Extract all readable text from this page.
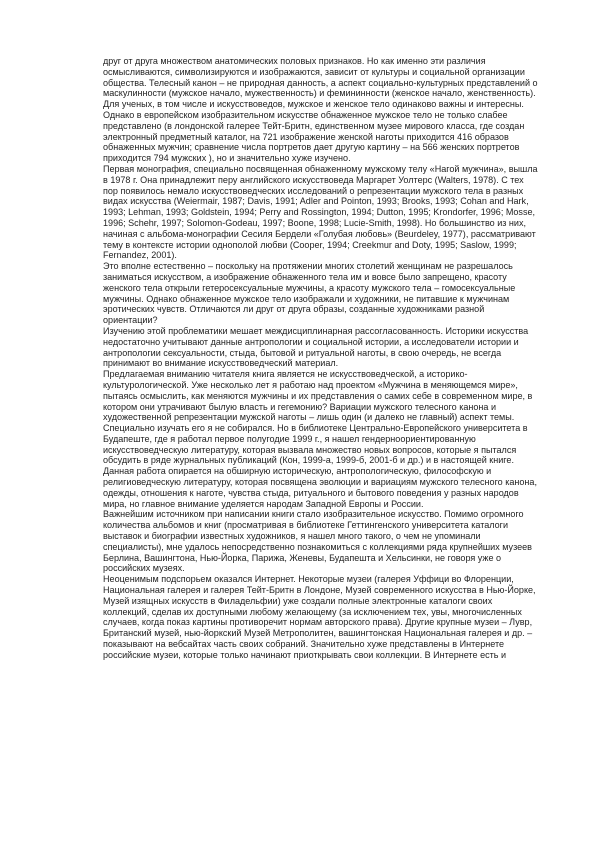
друг от друга множеством анатомических половых признаков. Но как именно эти различия осмысливаются, символизируются и изображаются, зависит от культуры и социальной организации общества. Телесный канон – не природная данность, а аспект социально-культурных представлений о маскулинности (мужское начало, мужественность) и фемининности (женское начало, женственность).

Для ученых, в том числе и искусствоведов, мужское и женское тело одинаково важны и интересны. Однако в европейском изобразительном искусстве обнаженное мужское тело не только слабее представлено (в лондонской галерее Тейт-Бритн, единственном музее мирового класса, где создан электронный предметный каталог, на 721 изображение женской наготы приходится 416 образов обнаженных мужчин; сравнение числа портретов дает другую картину – на 566 женских портретов приходится 794 мужских ), но и значительно хуже изучено.

Первая монография, специально посвященная обнаженному мужскому телу «Нагой мужчина», вышла в 1978 г. Она принадлежит перу английского искусствоведа Маргарет Уолтерс (Walters, 1978). С тех пор появилось немало искусствоведческих исследований о репрезентации мужского тела в разных видах искусства (Weiermair, 1987; Davis, 1991; Adler and Pointon, 1993; Brooks, 1993; Cohan and Hark, 1993; Lehman, 1993; Goldstein, 1994; Perry and Rossington, 1994; Dutton, 1995; Krondorfer, 1996; Mosse, 1996; Schehr, 1997; Solomon-Godeau, 1997; Boone, 1998; Lucie-Smith, 1998). Но большинство из них, начиная с альбома-монографии Сесиля Бердели «Голубая любовь» (Beurdeley, 1977), рассматривают тему в контексте истории однополой любви (Cooper, 1994; Creekmur and Doty, 1995; Saslow, 1999; Fernandez, 2001).

Это вполне естественно – поскольку на протяжении многих столетий женщинам не разрешалось заниматься искусством, а изображение обнаженного тела им и вовсе было запрещено, красоту женского тела открыли гетеросексуальные мужчины, а красоту мужского тела – гомосексуальные мужчины. Однако обнаженное мужское тело изображали и художники, не питавшие к мужчинам эротических чувств. Отличаются ли друг от друга образы, созданные художниками разной ориентации?

Изучению этой проблематики мешает междисциплинарная рассогласованность. Историки искусства недостаточно учитывают данные антропологии и социальной истории, а исследователи истории и антропологии сексуальности, стыда, бытовой и ритуальной наготы, в свою очередь, не всегда принимают во внимание искусствоведческий материал.

Предлагаемая вниманию читателя книга является не искусствоведческой, а историко-культурологической. Уже несколько лет я работаю над проектом «Мужчина в меняющемся мире», пытаясь осмыслить, как меняются мужчины и их представления о самих себе в современном мире, в котором они утрачивают былую власть и гегемонию? Вариации мужского телесного канона и художественной репрезентации мужской наготы – лишь один (и далеко не главный) аспект темы. Специально изучать его я не собирался. Но в библиотеке Центрально-Европейского университета в Будапеште, где я работал первое полугодие 1999 г., я нашел гендерноориентированную искусствоведческую литературу, которая вызвала множество новых вопросов, которые я пытался обсудить в ряде журнальных публикаций (Кон, 1999-а, 1999-б, 2001-б и др.) и в настоящей книге.

Данная работа опирается на обширную историческую, антропологическую, философскую и религиоведческую литературу, которая посвящена эволюции и вариациям мужского телесного канона, одежды, отношения к наготе, чувства стыда, ритуального и бытового поведения у разных народов мира, но главное внимание уделяется народам Западной Европы и России.

Важнейшим источником при написании книги стало изобразительное искусство. Помимо огромного количества альбомов и книг (просматривая в библиотеке Геттингенского университета каталоги выставок и биографии известных художников, я нашел много такого, о чем не упоминали специалисты), мне удалось непосредственно познакомиться с коллекциями ряда крупнейших музеев Берлина, Вашингтона, Нью-Йорка, Парижа, Женевы, Будапешта и Хельсинки, не говоря уже о российских музеях.

Неоценимым подспорьем оказался Интернет. Некоторые музеи (галерея Уффици во Флоренции, Национальная галерея и галерея Тейт-Бритн в Лондоне, Музей современного искусства в Нью-Йорке, Музей изящных искусств в Филадельфии) уже создали полные электронные каталоги своих коллекций, сделав их доступными любому желающему (за исключением тех, увы, многочисленных случаев, когда показ картины противоречит нормам авторского права). Другие крупные музеи – Лувр, Британский музей, нью-йоркский Музей Метрополитен, вашингтонская Национальная галерея и др. – показывают на вебсайтах часть своих собраний. Значительно хуже представлены в Интернете российские музеи, которые только начинают приоткрывать свои коллекции. В Интернете есть и
